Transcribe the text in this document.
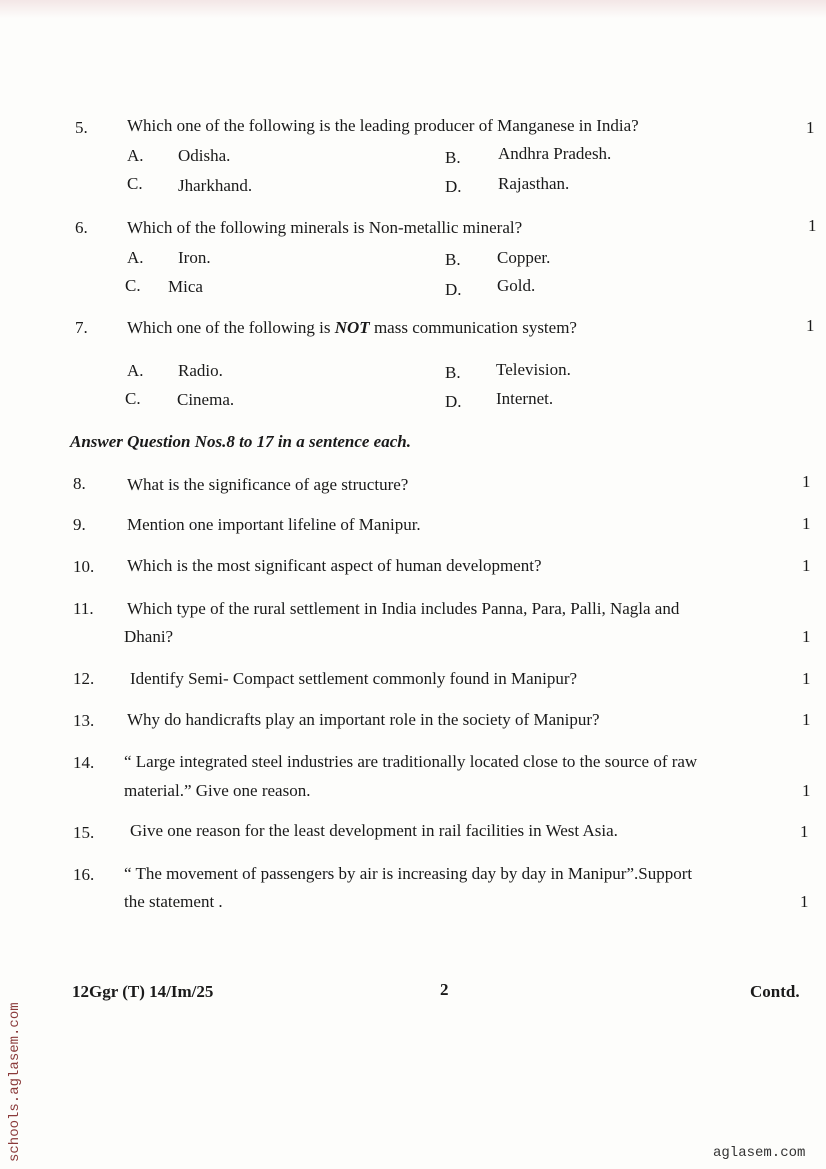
5. Which one of the following is the leading producer of Manganese in India?	1
A. Odisha.	B. Andhra Pradesh.
C. Jharkhand.	D. Rajasthan.
6. Which of the following minerals is Non-metallic mineral?	1
A. Iron.	B. Copper.
C. Mica	D. Gold.
7. Which one of the following is NOT mass communication system?	1
A. Radio.	B. Television.
C. Cinema.	D. Internet.
Answer Question Nos.8 to 17 in a sentence each.
8. What is the significance of age structure?	1
9. Mention one important lifeline of Manipur.	1
10. Which is the most significant aspect of human development?	1
11. Which type of the rural settlement in India includes Panna, Para, Palli, Nagla and
Dhani?	1
12. Identify Semi- Compact settlement commonly found in Manipur?	1
13. Why do handicrafts play an important role in the society of Manipur?	1
14. “ Large integrated steel industries are traditionally located close to the source of raw
material.” Give one reason.	1
15. Give one reason for the least development in rail facilities in West Asia.	1
16. “ The movement of passengers by air is increasing day by day in Manipur”.Support
the statement .	1
12Ggr (T) 14/Im/25	2	Contd.
schools.aglasem.com	aglasem.com
